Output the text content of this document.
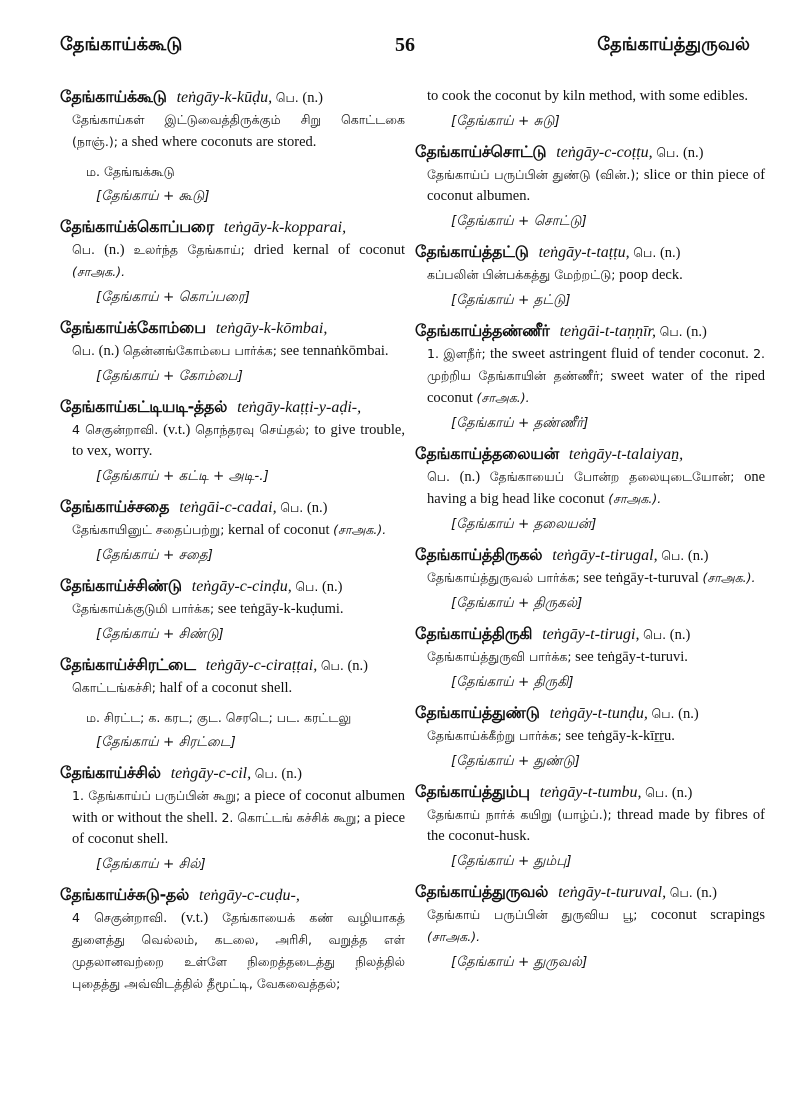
தேங்காய்க்கூடு	56	தேங்காய்த்துருவல்
தேங்காய்க்கூடு teṅgāy-k-kūḍu, பெ. (n.)
தேங்காய்கள் இட்டுவைத்திருக்கும் சிறு கொட்டகை (நாஞ்.); a shed where coconuts are stored.
ம. தேங்ஙக்கூடு
[தேங்காய் + கூடு]
தேங்காய்க்கொப்பரை teṅgāy-k-kopparai,
பெ. (n.) உலர்ந்த தேங்காய்; dried kernal of coconut (சாஅக.).
[தேங்காய் + கொப்பரை]
தேங்காய்க்கோம்பை teṅgāy-k-kōmbai,
பெ. (n.) தென்னங்கோம்பை பார்க்க; see tennaṅkōmbai.
[தேங்காய் + கோம்பை]
தேங்காய்கட்டியடி-த்தல் teṅgāy-kaṭṭi-y-aḍi-,
4 செகுன்றாவி. (v.t.) தொந்தரவு செய்தல்; to give trouble, to vex, worry.
[தேங்காய் + கட்டி + அடி-.]
தேங்காய்ச்சதை teṅgāi-c-cadai, பெ. (n.)
தேங்காயினுட் சதைப்பற்று; kernal of coconut (சாஅக.).
[தேங்காய் + சதை]
தேங்காய்ச்சிண்டு teṅgāy-c-cinḍu, பெ. (n.)
தேங்காய்க்குடுமி பார்க்க; see teṅgāy-k-kuḍumi.
[தேங்காய் + சிண்டு]
தேங்காய்ச்சிரட்டை teṅgāy-c-ciraṭṭai, பெ. (n.)
கொட்டங்கச்சி; half of a coconut shell.
ம. சிரட்ட; க. கரட; குட. செரடெ; பட. கரட்டலு
[தேங்காய் + சிரட்டை]
தேங்காய்ச்சில் teṅgāy-c-cil, பெ. (n.)
1. தேங்காய்ப் பருப்பின் கூறு; a piece of coconut albumen with or without the shell. 2. கொட்டங் கச்சிக் கூறு; a piece of coconut shell.
[தேங்காய் + சில்]
தேங்காய்ச்சுடு-தல் teṅgāy-c-cuḍu-,
4 செகுன்றாவி. (v.t.) தேங்காயைக் கண் வழியாகத் துளைத்து வெல்லம், கடலை, அரிசி, வறுத்த எள் முதலானவற்றை உள்ளே நிறைத்தடைத்து நிலத்தில் புதைத்து அவ்விடத்தில் தீமூட்டி, வேகவைத்தல்;
to cook the coconut by kiln method, with some edibles.
[தேங்காய் + சுடு]
தேங்காய்ச்சொட்டு teṅgāy-c-coṭṭu, பெ. (n.)
தேங்காய்ப் பருப்பின் துண்டு (வின்.); slice or thin piece of coconut albumen.
[தேங்காய் + சொட்டு]
தேங்காய்த்தட்டு teṅgāy-t-taṭṭu, பெ. (n.)
கப்பலின் பின்பக்கத்து மேற்றட்டு; poop deck.
[தேங்காய் + தட்டு]
தேங்காய்த்தண்ணீர் teṅgāi-t-taṇṇīr, பெ. (n.)
1. இளநீர்; the sweet astringent fluid of tender coconut. 2. முற்றிய தேங்காயின் தண்ணீர்; sweet water of the riped coconut (சாஅக.).
[தேங்காய் + தண்ணீர்]
தேங்காய்த்தலையன் teṅgāy-t-talaiyaṉ,
பெ. (n.) தேங்காயைப் போன்ற தலையுடையோன்; one having a big head like coconut (சாஅக.).
[தேங்காய் + தலையன்]
தேங்காய்த்திருகல் teṅgāy-t-tirugal, பெ. (n.)
தேங்காய்த்துருவல் பார்க்க; see teṅgāy-t-turuval (சாஅக.).
[தேங்காய் + திருகல்]
தேங்காய்த்திருகி teṅgāy-t-tirugi, பெ. (n.)
தேங்காய்த்துருவி பார்க்க; see teṅgāy-t-turuvi.
[தேங்காய் + திருகி]
தேங்காய்த்துண்டு teṅgāy-t-tunḍu, பெ. (n.)
தேங்காய்க்கீற்று பார்க்க; see teṅgāy-k-kīṟṟu.
[தேங்காய் + துண்டு]
தேங்காய்த்தும்பு teṅgāy-t-tumbu, பெ. (n.)
தேங்காய் நார்க் கயிறு (யாழ்ப்.); thread made by fibres of the coconut-husk.
[தேங்காய் + தும்பு]
தேங்காய்த்துருவல் teṅgāy-t-turuval, பெ. (n.)
தேங்காய் பருப்பின் துருவிய பூ; coconut scrapings (சாஅக.).
[தேங்காய் + துருவல்]
